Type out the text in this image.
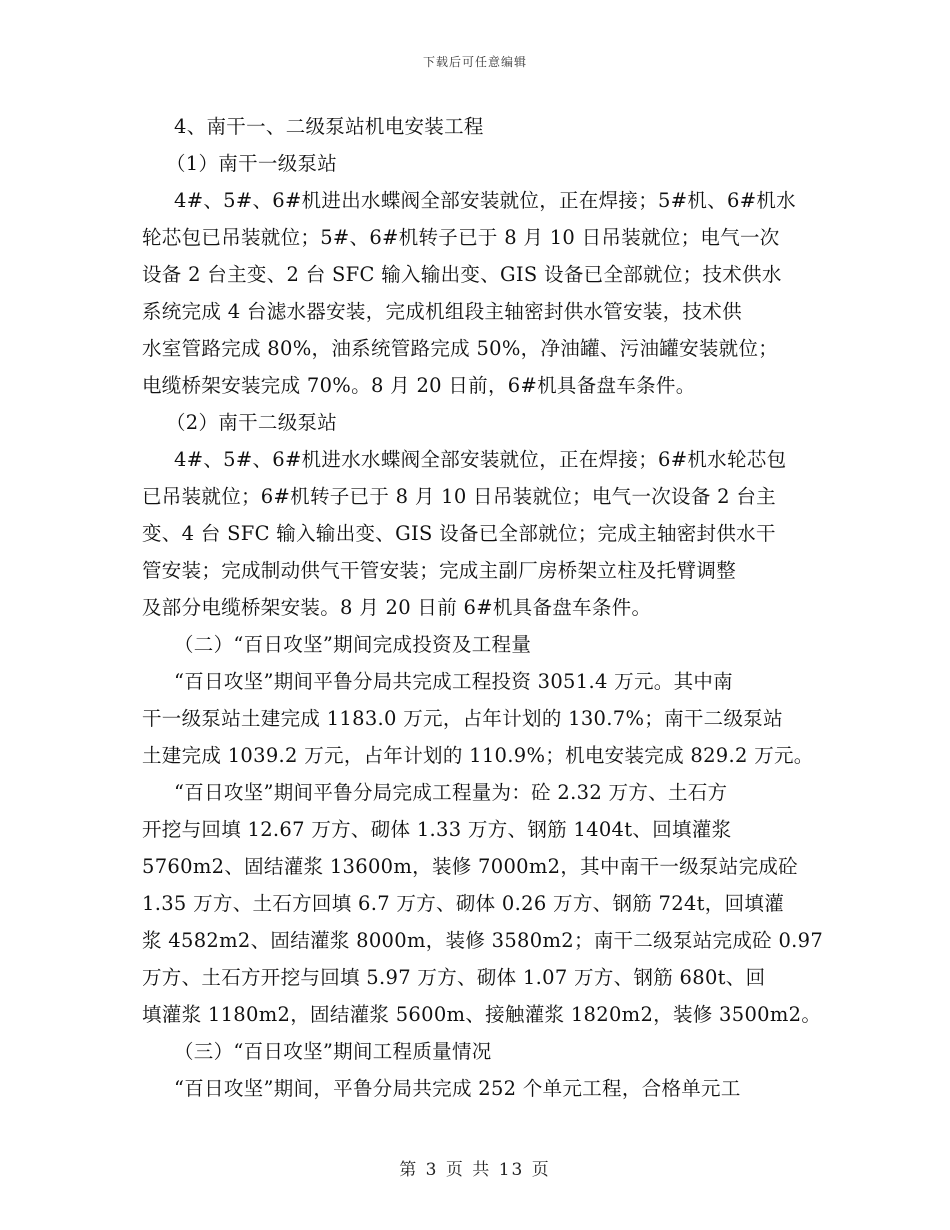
下载后可任意编辑
4、南干一、二级泵站机电安装工程
（1）南干一级泵站
4#、5#、6#机进出水蝶阀全部安装就位，正在焊接；5#机、6#机水
轮芯包已吊装就位；5#、6#机转子已于 8 月 10 日吊装就位；电气一次
设备 2 台主变、2 台 SFC 输入输出变、GIS 设备已全部就位；技术供水
系统完成 4 台滤水器安装，完成机组段主轴密封供水管安装，技术供
水室管路完成 80%，油系统管路完成 50%，净油罐、污油罐安装就位；
电缆桥架安装完成 70%。8 月 20 日前，6#机具备盘车条件。
（2）南干二级泵站
4#、5#、6#机进水水蝶阀全部安装就位，正在焊接；6#机水轮芯包
已吊装就位；6#机转子已于 8 月 10 日吊装就位；电气一次设备 2 台主
变、4 台 SFC 输入输出变、GIS 设备已全部就位；完成主轴密封供水干
管安装；完成制动供气干管安装；完成主副厂房桥架立柱及托臂调整
及部分电缆桥架安装。8 月 20 日前 6#机具备盘车条件。
（二）“百日攻坚”期间完成投资及工程量
“百日攻坚”期间平鲁分局共完成工程投资 3051.4 万元。其中南
干一级泵站土建完成 1183.0 万元，占年计划的 130.7%；南干二级泵站
土建完成 1039.2 万元，占年计划的 110.9%；机电安装完成 829.2 万元。
“百日攻坚”期间平鲁分局完成工程量为：砼 2.32 万方、土石方
开挖与回填 12.67 万方、砌体 1.33 万方、钢筋 1404t、回填灌浆
5760m2、固结灌浆 13600m，装修 7000m2，其中南干一级泵站完成砼
1.35 万方、土石方回填 6.7 万方、砌体 0.26 万方、钢筋 724t，回填灌
浆 4582m2、固结灌浆 8000m，装修 3580m2；南干二级泵站完成砼 0.97
万方、土石方开挖与回填 5.97 万方、砌体 1.07 万方、钢筋 680t、回
填灌浆 1180m2，固结灌浆 5600m、接触灌浆 1820m2，装修 3500m2。
（三）“百日攻坚”期间工程质量情况
“百日攻坚”期间，平鲁分局共完成 252 个单元工程，合格单元工
第 3 页 共 13 页
